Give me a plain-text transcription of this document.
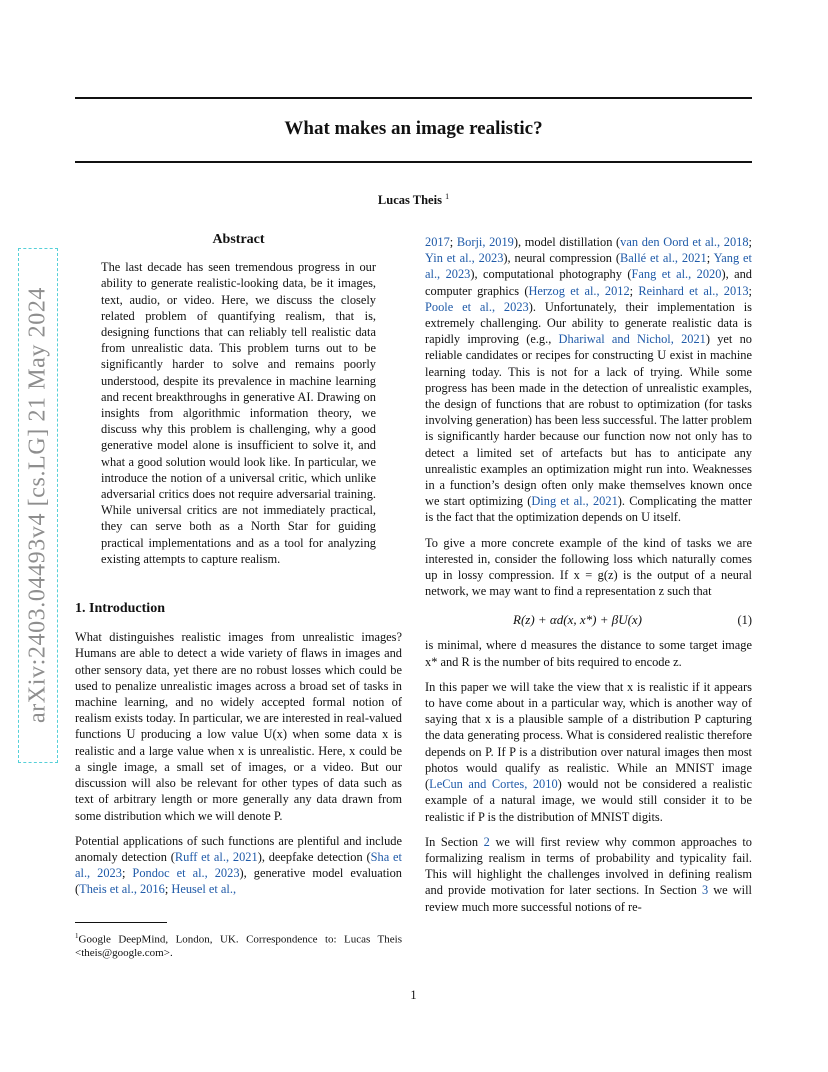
What makes an image realistic?
Lucas Theis $^1$
arXiv:2403.04493v4 [cs.LG] 21 May 2024
Abstract

The last decade has seen tremendous progress in our ability to generate realistic-looking data, be it images, text, audio, or video. Here, we discuss the closely related problem of quantifying realism, that is, designing functions that can reliably tell realistic data from unrealistic data. This problem turns out to be significantly harder to solve and remains poorly understood, despite its prevalence in machine learning and recent breakthroughs in generative AI. Drawing on insights from algorithmic information theory, we discuss why this problem is challenging, why a good generative model alone is insufficient to solve it, and what a good solution would look like. In particular, we introduce the notion of a universal critic, which unlike adversarial critics does not require adversarial training. While universal critics are not immediately practical, they can serve both as a North Star for guiding practical implementations and as a tool for analyzing existing attempts to capture realism.

1. Introduction

What distinguishes realistic images from unrealistic images? Humans are able to detect a wide variety of flaws in images and other sensory data, yet there are no robust losses which could be used to penalize unrealistic images across a broad set of tasks in machine learning, and no widely accepted formal notion of realism exists today. In particular, we are interested in real-valued functions U producing a low value U(x) when some data x is realistic and a large value when x is unrealistic. Here, x could be a single image, a small set of images, or a video. But our discussion will also be relevant for other types of data such as text of arbitrary length or more generally any data drawn from some distribution which we will denote P.

Potential applications of such functions are plentiful and include anomaly detection (Ruff et al., 2021), deepfake detection (Sha et al., 2023; Pondoc et al., 2023), generative model evaluation (Theis et al., 2016; Heusel et al.,

$^1$Google DeepMind, London, UK. Correspondence to: Lucas Theis <theis@google.com>.

2017; Borji, 2019), model distillation (van den Oord et al., 2018; Yin et al., 2023), neural compression (Ballé et al., 2021; Yang et al., 2023), computational photography (Fang et al., 2020), and computer graphics (Herzog et al., 2012; Reinhard et al., 2013; Poole et al., 2023). Unfortunately, their implementation is extremely challenging. Our ability to generate realistic data is rapidly improving (e.g., Dhariwal and Nichol, 2021) yet no reliable candidates or recipes for constructing U exist in machine learning today. This is not for a lack of trying. While some progress has been made in the detection of unrealistic examples, the design of functions that are robust to optimization (for tasks involving generation) has been less successful. The latter problem is significantly harder because our function now not only has to detect a limited set of artefacts but has to anticipate any unrealistic examples an optimization might run into. Weaknesses in a function’s design often only make themselves known once we start optimizing (Ding et al., 2021). Complicating the matter is the fact that the optimization depends on U itself.

To give a more concrete example of the kind of tasks we are interested in, consider the following loss which naturally comes up in lossy compression. If x = g(z) is the output of a neural network, we may want to find a representation z such that

R(z) + αd(x, x*) + βU(x)	(1)

is minimal, where d measures the distance to some target image x* and R is the number of bits required to encode z.

In this paper we will take the view that x is realistic if it appears to have come about in a particular way, which is another way of saying that x is a plausible sample of a distribution P capturing the data generating process. What is considered realistic therefore depends on P. If P is a distribution over natural images then most photos would qualify as realistic. While an MNIST image (LeCun and Cortes, 2010) would not be considered a realistic example of a natural image, we would still consider it to be realistic if P is the distribution of MNIST digits.

In Section 2 we will first review why common approaches to formalizing realism in terms of probability and typicality fail. This will highlight the challenges involved in defining realism and provide motivation for later sections. In Section 3 we will review much more successful notions of re-

1
